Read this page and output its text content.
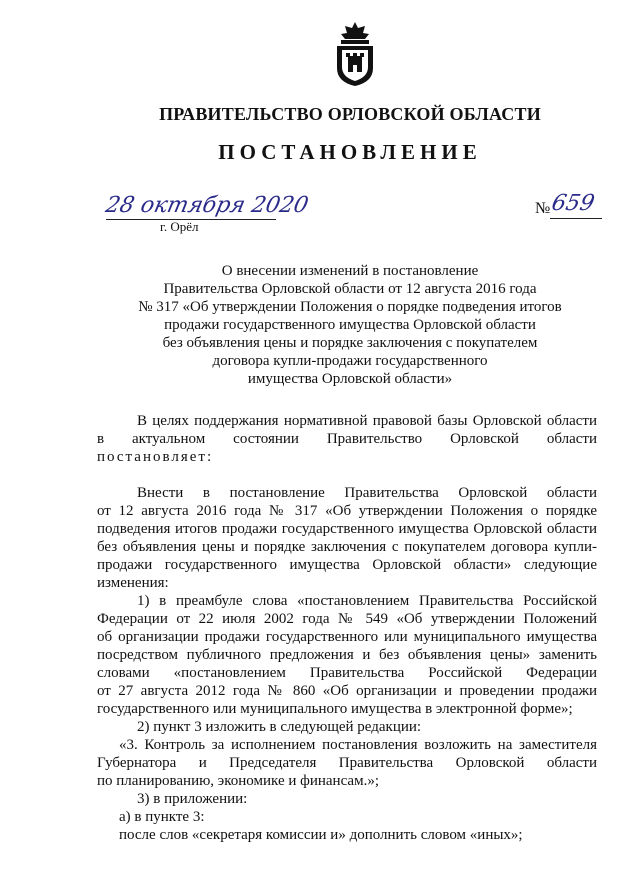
ПРАВИТЕЛЬСТВО ОРЛОВСКОЙ ОБЛАСТИ
ПОСТАНОВЛЕНИЕ
28 октября 2020
г. Орёл
№ 659
О внесении изменений в постановление
Правительства Орловской области от 12 августа 2016 года
№ 317 «Об утверждении Положения о порядке подведения итогов
продажи государственного имущества Орловской области
без объявления цены и порядке заключения с покупателем
договора купли-продажи государственного
имущества Орловской области»
В целях поддержания нормативной правовой базы Орловской области
в актуальном состоянии Правительство Орловской области
постановляет:
Внести в постановление Правительства Орловской области
от 12 августа 2016 года № 317 «Об утверждении Положения о порядке
подведения итогов продажи государственного имущества Орловской области
без объявления цены и порядке заключения с покупателем договора купли-
продажи государственного имущества Орловской области» следующие
изменения:
1) в преамбуле слова «постановлением Правительства Российской
Федерации от 22 июля 2002 года № 549 «Об утверждении Положений
об организации продажи государственного или муниципального имущества
посредством публичного предложения и без объявления цены» заменить
словами «постановлением Правительства Российской Федерации
от 27 августа 2012 года № 860 «Об организации и проведении продажи
государственного или муниципального имущества в электронной форме»;
2) пункт 3 изложить в следующей редакции:
«3. Контроль за исполнением постановления возложить на заместителя
Губернатора и Председателя Правительства Орловской области
по планированию, экономике и финансам.»;
3) в приложении:
а) в пункте 3:
после слов «секретаря комиссии и» дополнить словом «иных»;
